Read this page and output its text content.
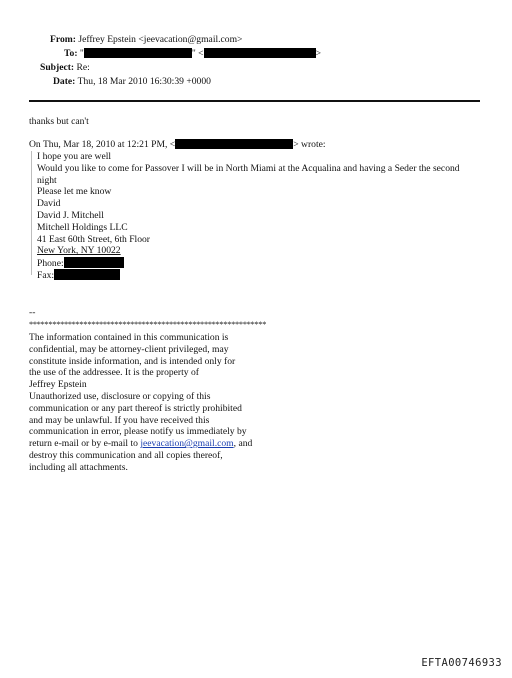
From: Jeffrey Epstein <jeevacation@gmail.com>
To: "	" <	>
Subject: Re:
Date: Thu, 18 Mar 2010 16:30:39 +0000
thanks but can't
On Thu, Mar 18, 2010 at 12:21 PM, <	> wrote:
I hope you are well
Would you like to come for Passover I will be in North Miami at the Acqualina and having a Seder the second
night
Please let me know
David
David J. Mitchell
Mitchell Holdings LLC
41 East 60th Street, 6th Floor
New York, NY 10022
Phone:
Fax:
--
*************************************************************
The information contained in this communication is
confidential, may be attorney-client privileged, may
constitute inside information, and is intended only for
the use of the addressee. It is the property of
Jeffrey Epstein
Unauthorized use, disclosure or copying of this
communication or any part thereof is strictly prohibited
and may be unlawful. If you have received this
communication in error, please notify us immediately by
return e-mail or by e-mail to jeevacation@gmail.com, and
destroy this communication and all copies thereof,
including all attachments.
EFTA00746933
